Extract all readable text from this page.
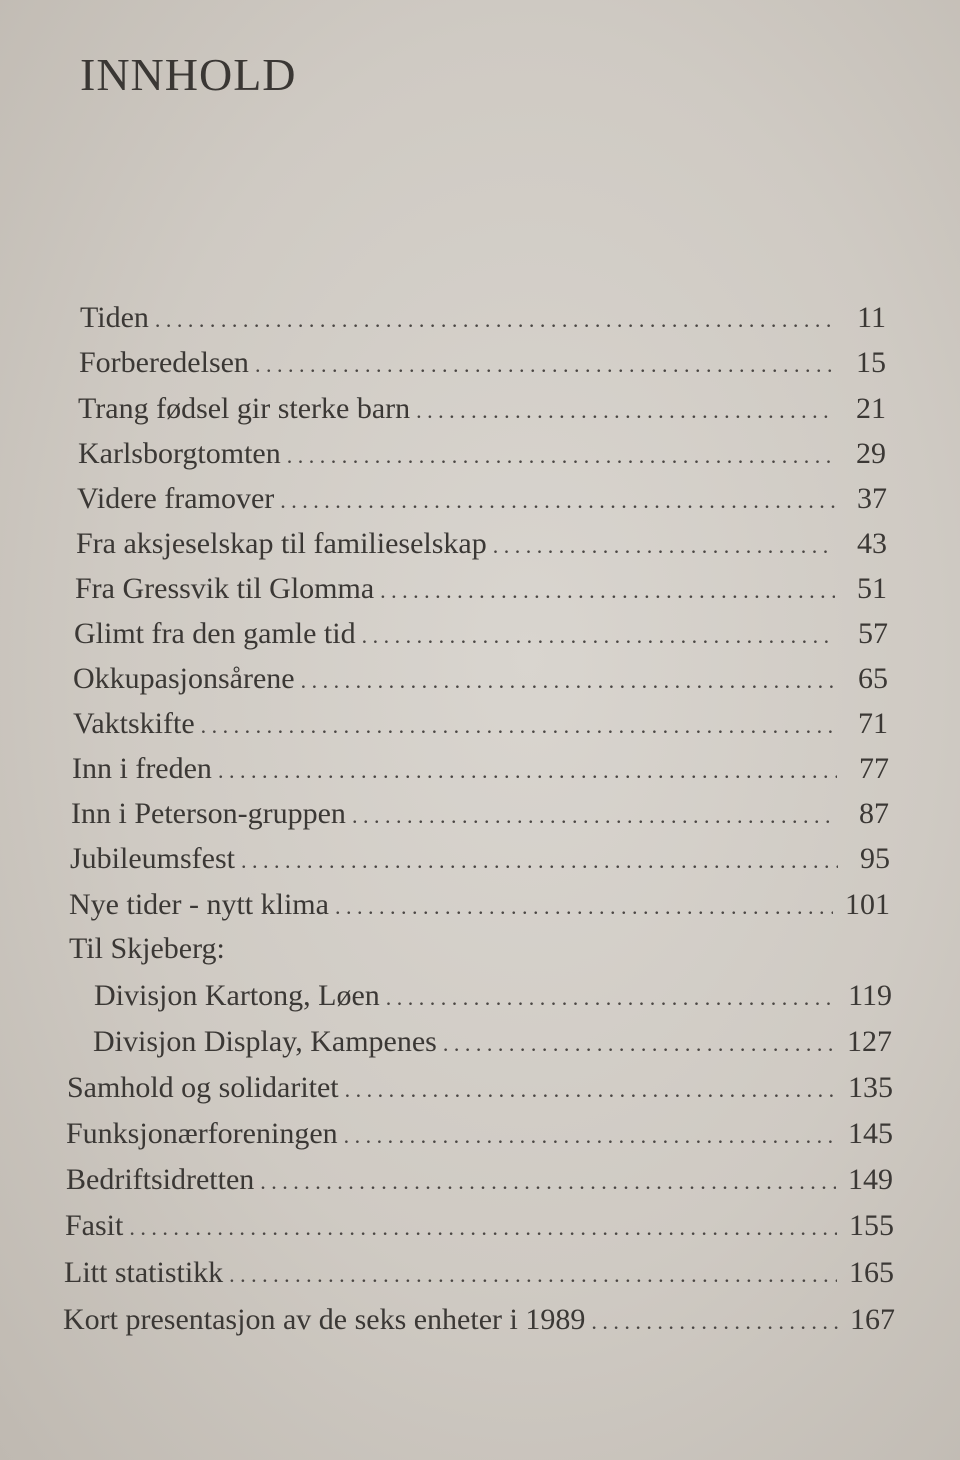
INNHOLD
Tiden . . .	11
Forberedelsen . . .	15
Trang fødsel gir sterke barn . . .	21
Karlsborgtomten . . .	29
Videre framover . . .	37
Fra aksjeselskap til familieselskap . . .	43
Fra Gressvik til Glomma . . .	51
Glimt fra den gamle tid . . .	57
Okkupasjonsårene . . .	65
Vaktskifte . . .	71
Inn i freden . . .	77
Inn i Peterson-gruppen . . .	87
Jubileumsfest . . .	95
Nye tider - nytt klima . . .	101
Til Skjeberg:
Divisjon Kartong, Løen . . .	119
Divisjon Display, Kampenes . . .	127
Samhold og solidaritet . . .	135
Funksjonærforeningen . . .	145
Bedriftsidretten . . .	149
Fasit . . .	155
Litt statistikk . . .	165
Kort presentasjon av de seks enheter i 1989 . . .	167
